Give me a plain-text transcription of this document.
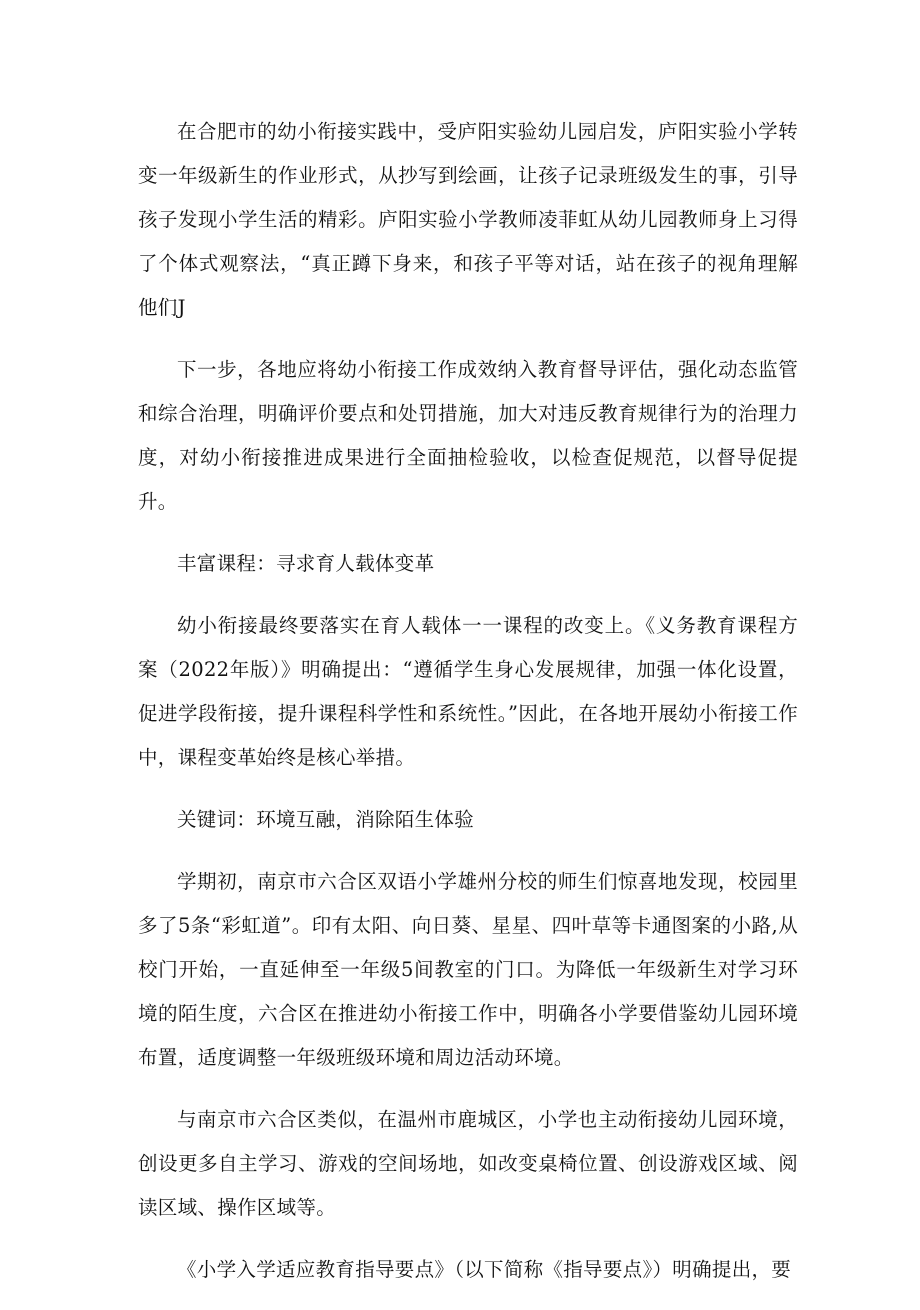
在合肥市的幼小衔接实践中，受庐阳实验幼儿园启发，庐阳实验小学转变一年级新生的作业形式，从抄写到绘画，让孩子记录班级发生的事，引导孩子发现小学生活的精彩。庐阳实验小学教师凌菲虹从幼儿园教师身上习得了个体式观察法，“真正蹲下身来，和孩子平等对话，站在孩子的视角理解他们J

下一步，各地应将幼小衔接工作成效纳入教育督导评估，强化动态监管和综合治理，明确评价要点和处罚措施，加大对违反教育规律行为的治理力度，对幼小衔接推进成果进行全面抽检验收，以检查促规范，以督导促提升。

丰富课程：寻求育人载体变革

幼小衔接最终要落实在育人载体一一课程的改变上。《义务教育课程方案（2022年版）》明确提出：“遵循学生身心发展规律，加强一体化设置，促进学段衔接，提升课程科学性和系统性。”因此，在各地开展幼小衔接工作中，课程变革始终是核心举措。

关键词：环境互融，消除陌生体验

学期初，南京市六合区双语小学雄州分校的师生们惊喜地发现，校园里多了5条“彩虹道”。印有太阳、向日葵、星星、四叶草等卡通图案的小路,从校门开始，一直延伸至一年级5间教室的门口。为降低一年级新生对学习环境的陌生度，六合区在推进幼小衔接工作中，明确各小学要借鉴幼儿园环境布置，适度调整一年级班级环境和周边活动环境。

与南京市六合区类似，在温州市鹿城区，小学也主动衔接幼儿园环境，创设更多自主学习、游戏的空间场地，如改变桌椅位置、创设游戏区域、阅读区域、操作区域等。

《小学入学适应教育指导要点》（以下简称《指导要点》）明确提出，要
